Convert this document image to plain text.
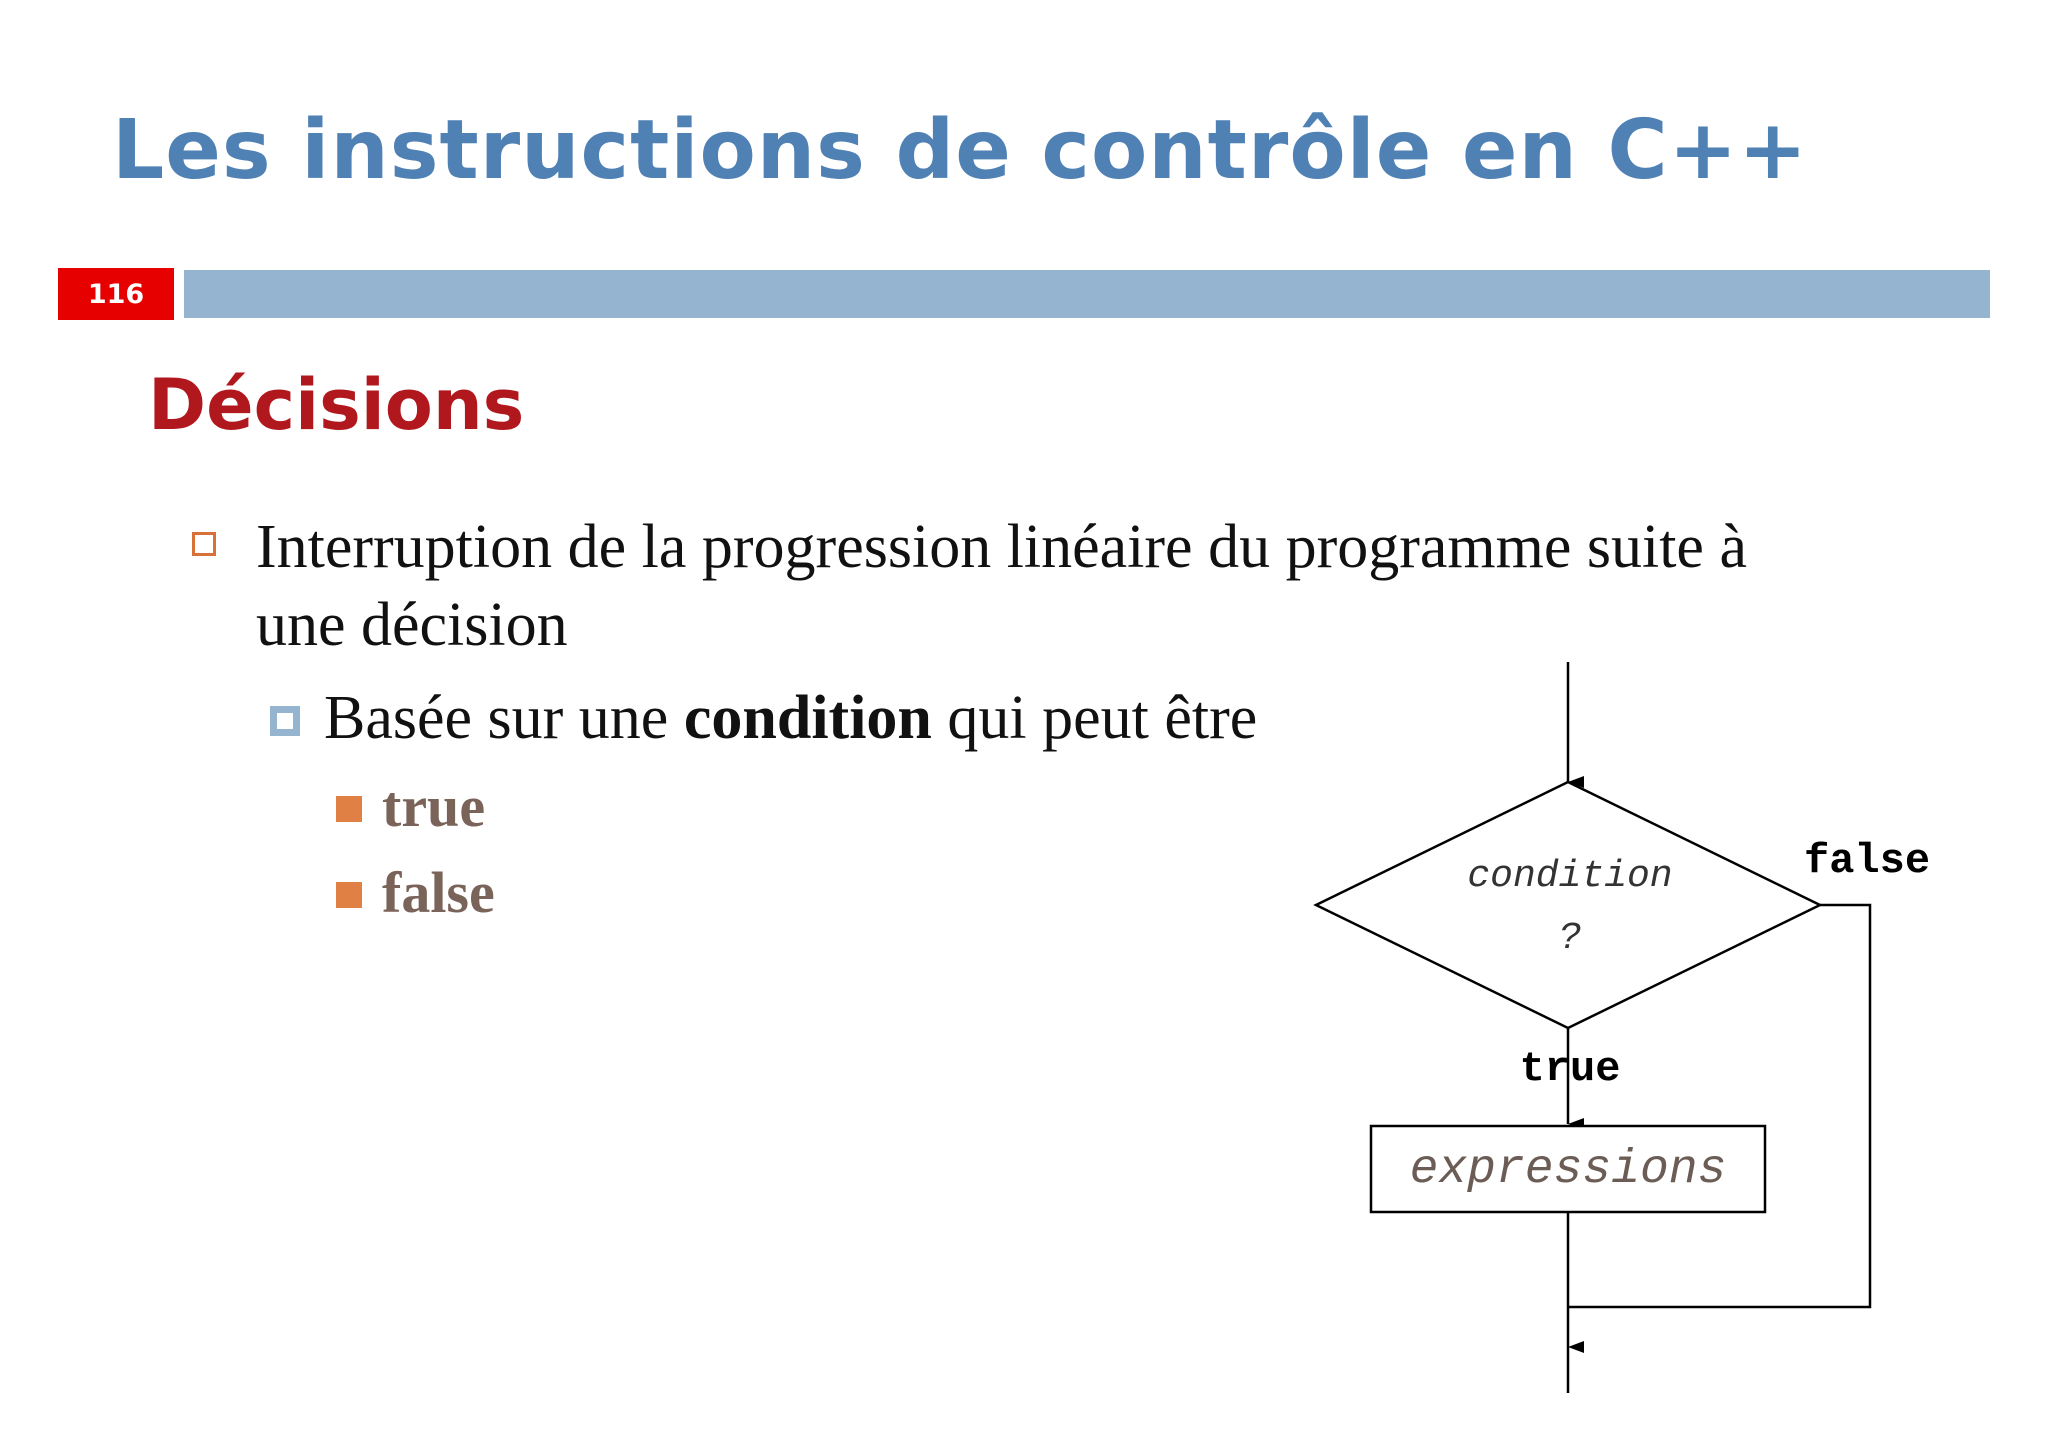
Les instructions de contrôle en C++
116
Décisions
Interruption de la progression linéaire du programme suite à une décision
Basée sur une condition qui peut être
true
false	condition
?
false
true
expressions
